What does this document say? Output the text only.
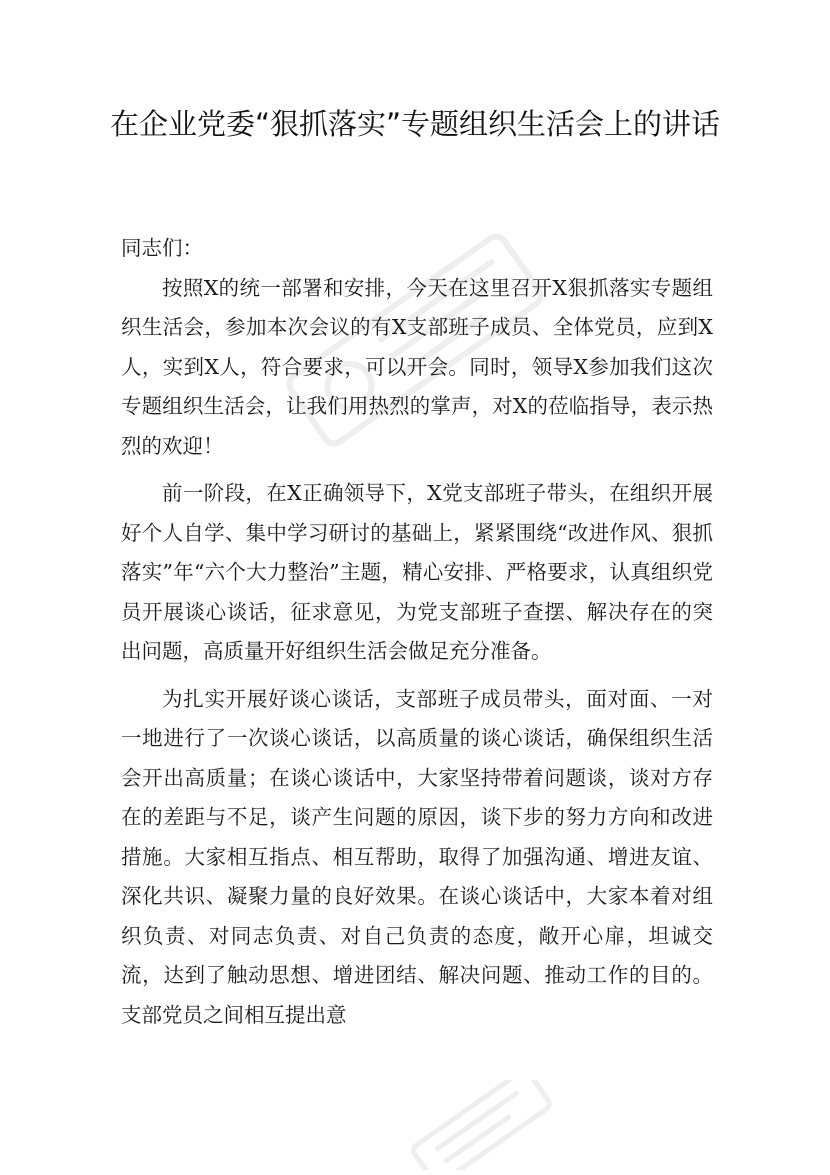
在企业党委“狠抓落实”专题组织生活会上的讲话

同志们：

按照X的统一部署和安排，今天在这里召开X狠抓落实专题组织生活会，参加本次会议的有X支部班子成员、全体党员，应到X人，实到X人，符合要求，可以开会。同时，领导X参加我们这次专题组织生活会，让我们用热烈的掌声，对X的莅临指导，表示热烈的欢迎！

前一阶段，在X正确领导下，X党支部班子带头，在组织开展好个人自学、集中学习研讨的基础上，紧紧围绕“改进作风、狠抓落实”年“六个大力整治”主题，精心安排、严格要求，认真组织党员开展谈心谈话，征求意见，为党支部班子查摆、解决存在的突出问题，高质量开好组织生活会做足充分准备。

为扎实开展好谈心谈话，支部班子成员带头，面对面、一对一地进行了一次谈心谈话，以高质量的谈心谈话，确保组织生活会开出高质量；在谈心谈话中，大家坚持带着问题谈，谈对方存在的差距与不足，谈产生问题的原因，谈下步的努力方向和改进措施。大家相互指点、相互帮助，取得了加强沟通、增进友谊、深化共识、凝聚力量的良好效果。在谈心谈话中，大家本着对组织负责、对同志负责、对自己负责的态度，敞开心扉，坦诚交流，达到了触动思想、增进团结、解决问题、推动工作的目的。支部党员之间相互提出意
